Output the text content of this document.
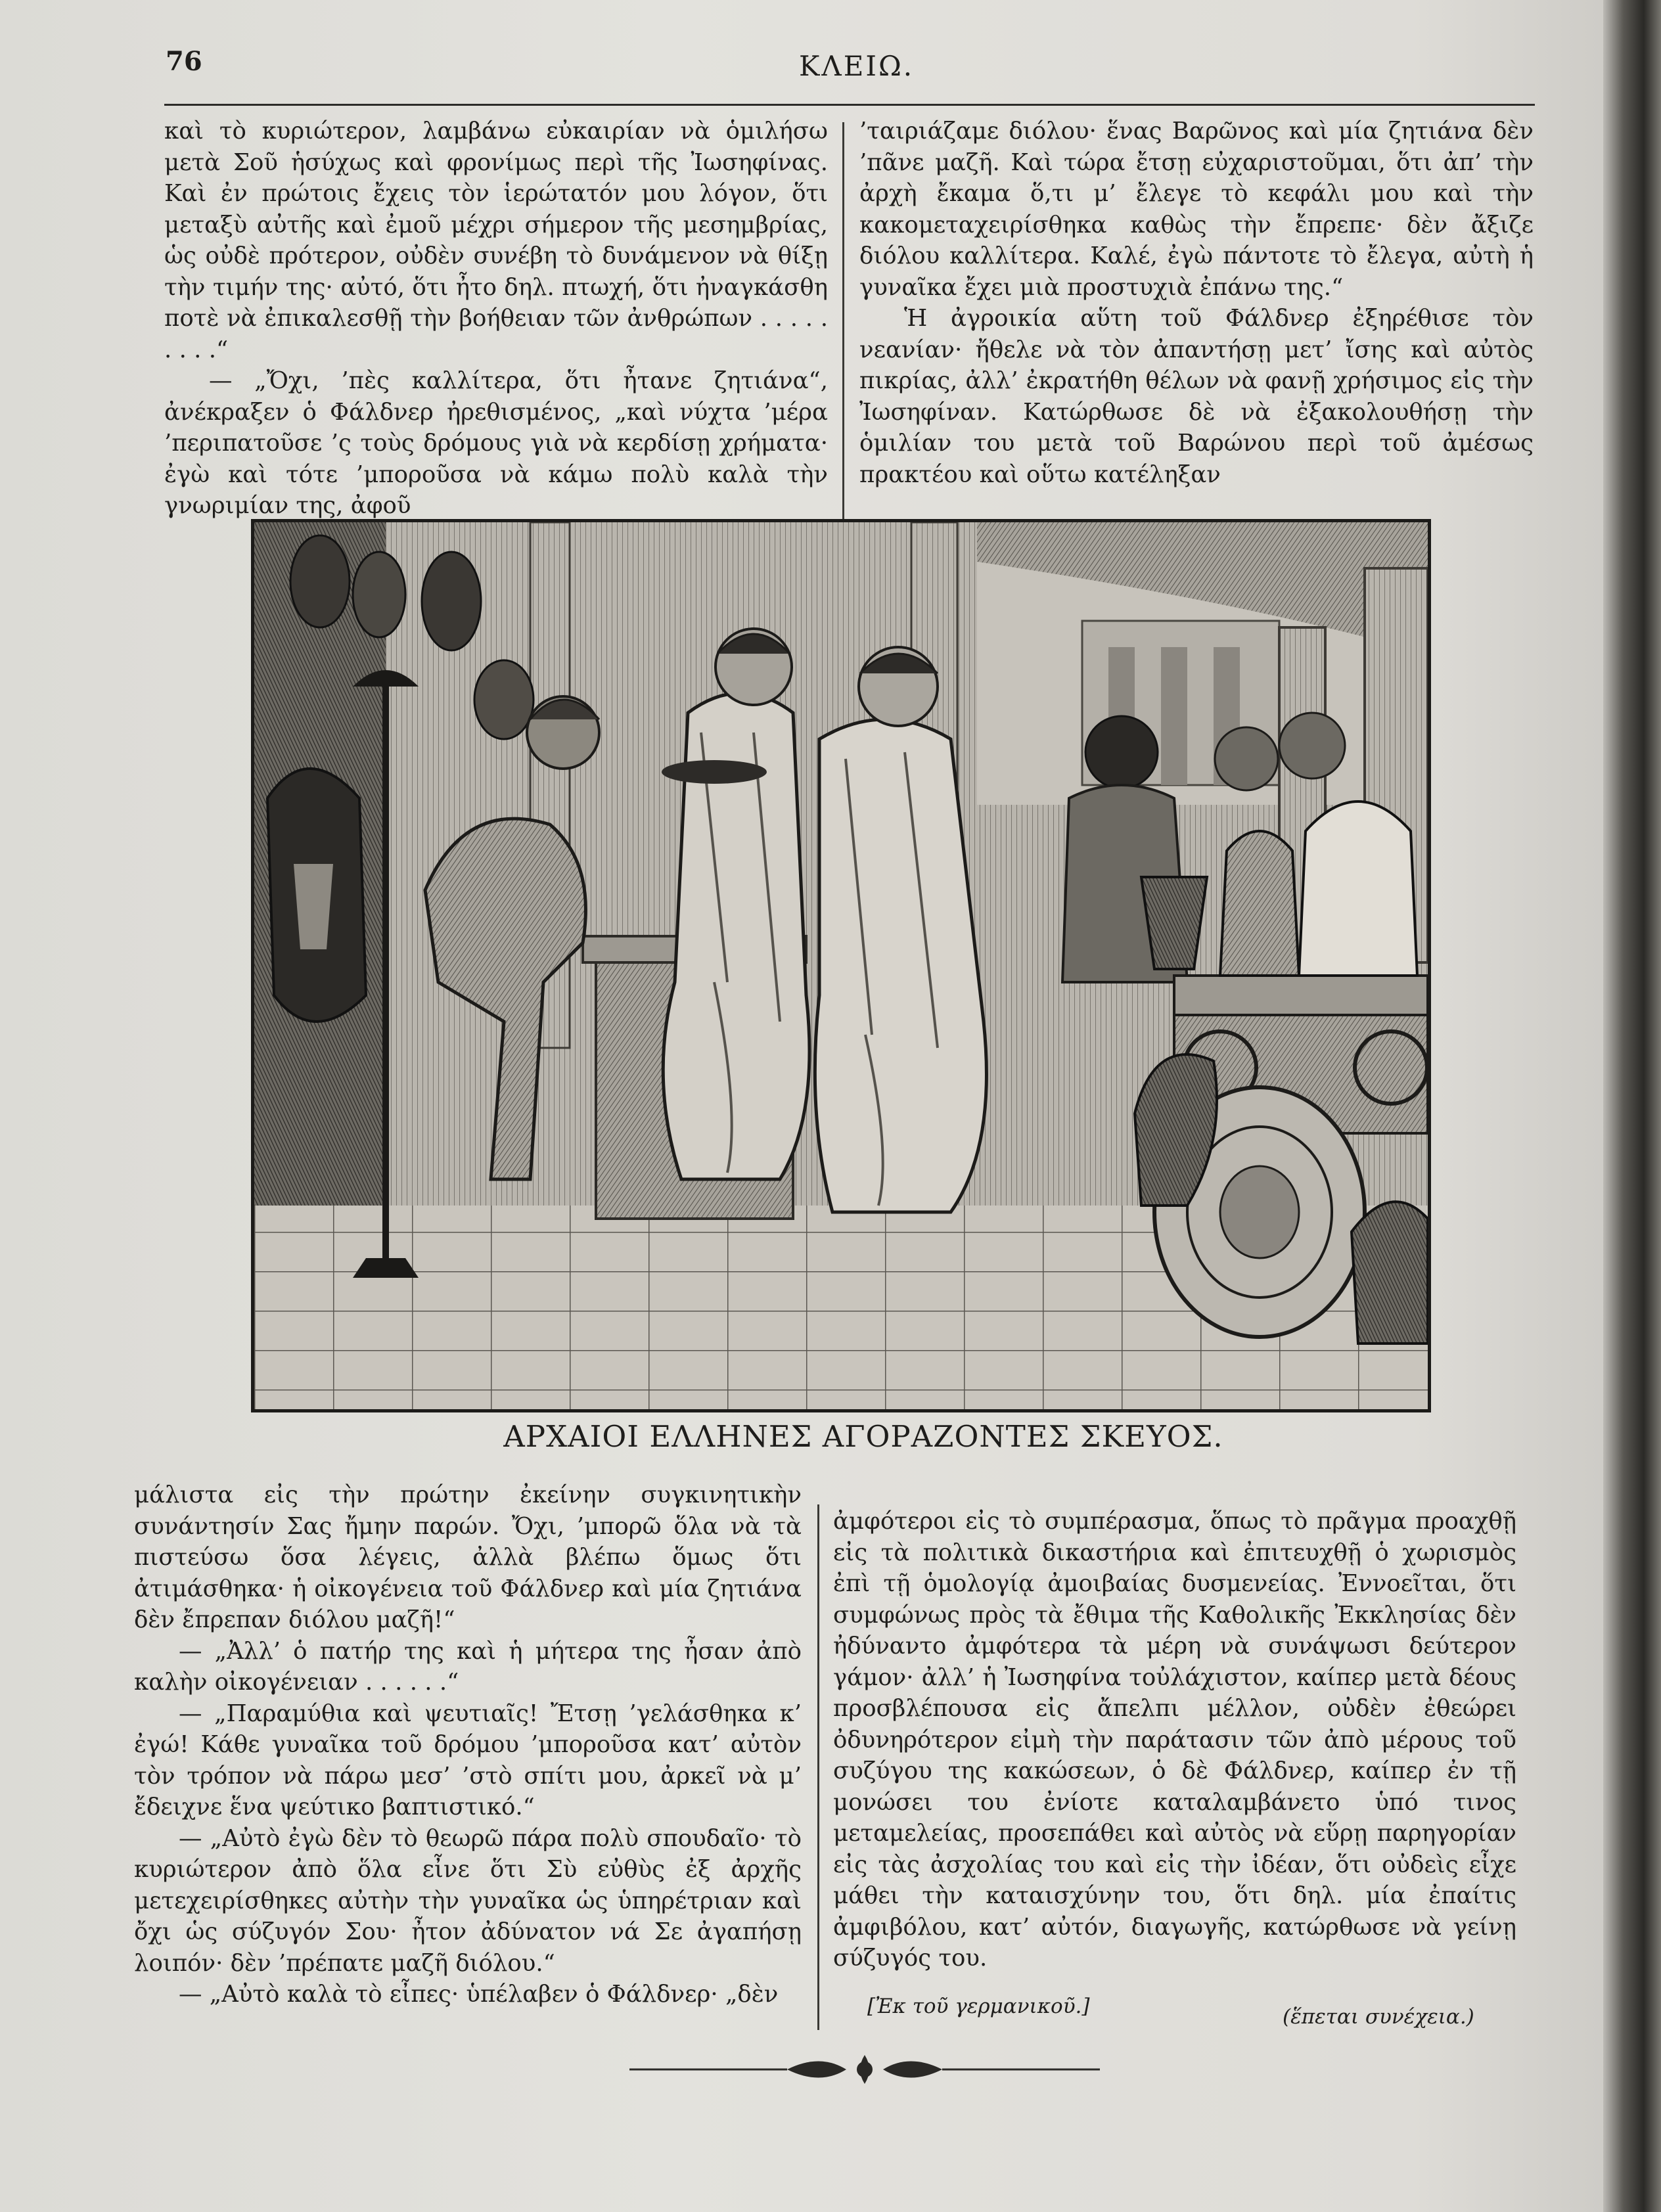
76	ΚΛΕΙΩ.

καὶ τὸ κυριώτερον, λαμβάνω εὐκαιρίαν νὰ ὁμιλήσω μετὰ Σοῦ ἡσύχως καὶ φρονίμως περὶ τῆς Ἰωσηφίνας. Καὶ ἐν πρώτοις ἔχεις τὸν ἱερώτατόν μου λόγον, ὅτι μεταξὺ αὐτῆς καὶ ἐμοῦ μέχρι σήμερον τῆς μεσημβρίας, ὡς οὐδὲ πρότερον, οὐδὲν συνέβη τὸ δυνάμενον νὰ θίξῃ τὴν τιμήν της· αὐτό, ὅτι ἦτο δηλ. πτωχή, ὅτι ἠναγκάσθη ποτὲ νὰ ἐπικαλεσθῇ τὴν βοήθειαν τῶν ἀνθρώπων . . . . . . . . .“

— „Ὄχι, ’πὲς καλλίτερα, ὅτι ἦτανε ζητιάνα“, ἀνέκραξεν ὁ Φάλδνερ ἠρεθισμένος, „καὶ νύχτα ’μέρα ’περιπατοῦσε ’ς τοὺς δρόμους γιὰ νὰ κερδίσῃ χρήματα· ἐγὼ καὶ τότε ’μποροῦσα νὰ κάμω πολὺ καλὰ τὴν γνωριμίαν της, ἀφοῦ

’ταιριάζαμε διόλου· ἕνας Βαρῶνος καὶ μία ζητιάνα δὲν ’πᾶνε μαζῆ. Καὶ τώρα ἔτσῃ εὐχαριστοῦμαι, ὅτι ἀπ’ τὴν ἀρχὴ ἔκαμα ὅ,τι μ’ ἔλεγε τὸ κεφάλι μου καὶ τὴν κακομεταχειρίσθηκα καθὼς τὴν ἔπρεπε· δὲν ἄξιζε διόλου καλλίτερα. Καλέ, ἐγὼ πάντοτε τὸ ἔλεγα, αὐτὴ ἡ γυναῖκα ἔχει μιὰ προστυχιὰ ἐπάνω της.“

Ἡ ἀγροικία αὕτη τοῦ Φάλδνερ ἐξηρέθισε τὸν νεανίαν· ἤθελε νὰ τὸν ἀπαντήσῃ μετ’ ἴσης καὶ αὐτὸς πικρίας, ἀλλ’ ἐκρατήθη θέλων νὰ φανῇ χρήσιμος εἰς τὴν Ἰωσηφίναν. Κατώρθωσε δὲ νὰ ἐξακολουθήσῃ τὴν ὁμιλίαν του μετὰ τοῦ Βαρώνου περὶ τοῦ ἀμέσως πρακτέου καὶ οὕτω κατέληξαν

ΑΡΧΑΙΟΙ ΕΛΛΗΝΕΣ ΑΓΟΡΑΖΟΝΤΕΣ ΣΚΕΥΟΣ.

μάλιστα εἰς τὴν πρώτην ἐκείνην συγκινητικὴν συνάντησίν Σας ἤμην παρών. Ὄχι, ’μπορῶ ὅλα νὰ τὰ πιστεύσω ὅσα λέγεις, ἀλλὰ βλέπω ὅμως ὅτι ἀτιμάσθηκα· ἡ οἰκογένεια τοῦ Φάλδνερ καὶ μία ζητιάνα δὲν ἔπρεπαν διόλου μαζῆ!“

— „Ἀλλ’ ὁ πατήρ της καὶ ἡ μήτερα της ἦσαν ἀπὸ καλὴν οἰκογένειαν . . . . . .“

— „Παραμύθια καὶ ψευτιαῖς! Ἔτσῃ ’γελάσθηκα κ’ ἐγώ! Κάθε γυναῖκα τοῦ δρόμου ’μποροῦσα κατ’ αὐτὸν τὸν τρόπον νὰ πάρω μεσ’ ’στὸ σπίτι μου, ἀρκεῖ νὰ μ’ ἔδειχνε ἕνα ψεύτικο βαπτιστικό.“

— „Αὐτὸ ἐγὼ δὲν τὸ θεωρῶ πάρα πολὺ σπουδαῖο· τὸ κυριώτερον ἀπὸ ὅλα εἶνε ὅτι Σὺ εὐθὺς ἐξ ἀρχῆς μετεχειρίσθηκες αὐτὴν τὴν γυναῖκα ὡς ὑπηρέτριαν καὶ ὄχι ὡς σύζυγόν Σου· ἦτον ἀδύνατον νά Σε ἀγαπήσῃ λοιπόν· δὲν ’πρέπατε μαζῆ διόλου.“

— „Αὐτὸ καλὰ τὸ εἶπες· ὑπέλαβεν ὁ Φάλδνερ· „δὲν

ἀμφότεροι εἰς τὸ συμπέρασμα, ὅπως τὸ πρᾶγμα προαχθῇ εἰς τὰ πολιτικὰ δικαστήρια καὶ ἐπιτευχθῇ ὁ χωρισμὸς ἐπὶ τῇ ὁμολογίᾳ ἀμοιβαίας δυσμενείας. Ἐννοεῖται, ὅτι συμφώνως πρὸς τὰ ἔθιμα τῆς Καθολικῆς Ἐκκλησίας δὲν ἠδύναντο ἀμφότερα τὰ μέρη νὰ συνάψωσι δεύτερον γάμον· ἀλλ’ ἡ Ἰωσηφίνα τοὐλάχιστον, καίπερ μετὰ δέους προσβλέπουσα εἰς ἄπελπι μέλλον, οὐδὲν ἐθεώρει ὀδυνηρότερον εἰμὴ τὴν παράτασιν τῶν ἀπὸ μέρους τοῦ συζύγου της κακώσεων, ὁ δὲ Φάλδνερ, καίπερ ἐν τῇ μονώσει του ἐνίοτε καταλαμβάνετο ὑπό τινος μεταμελείας, προσεπάθει καὶ αὐτὸς νὰ εὕρῃ παρηγορίαν εἰς τὰς ἀσχολίας του καὶ εἰς τὴν ἰδέαν, ὅτι οὐδεὶς εἶχε μάθει τὴν καταισχύνην του, ὅτι δηλ. μία ἐπαίτις ἀμφιβόλου, κατ’ αὐτόν, διαγωγῆς, κατώρθωσε νὰ γείνῃ σύζυγός του.

[Ἐκ τοῦ γερμανικοῦ.]	(ἕπεται συνέχεια.)
